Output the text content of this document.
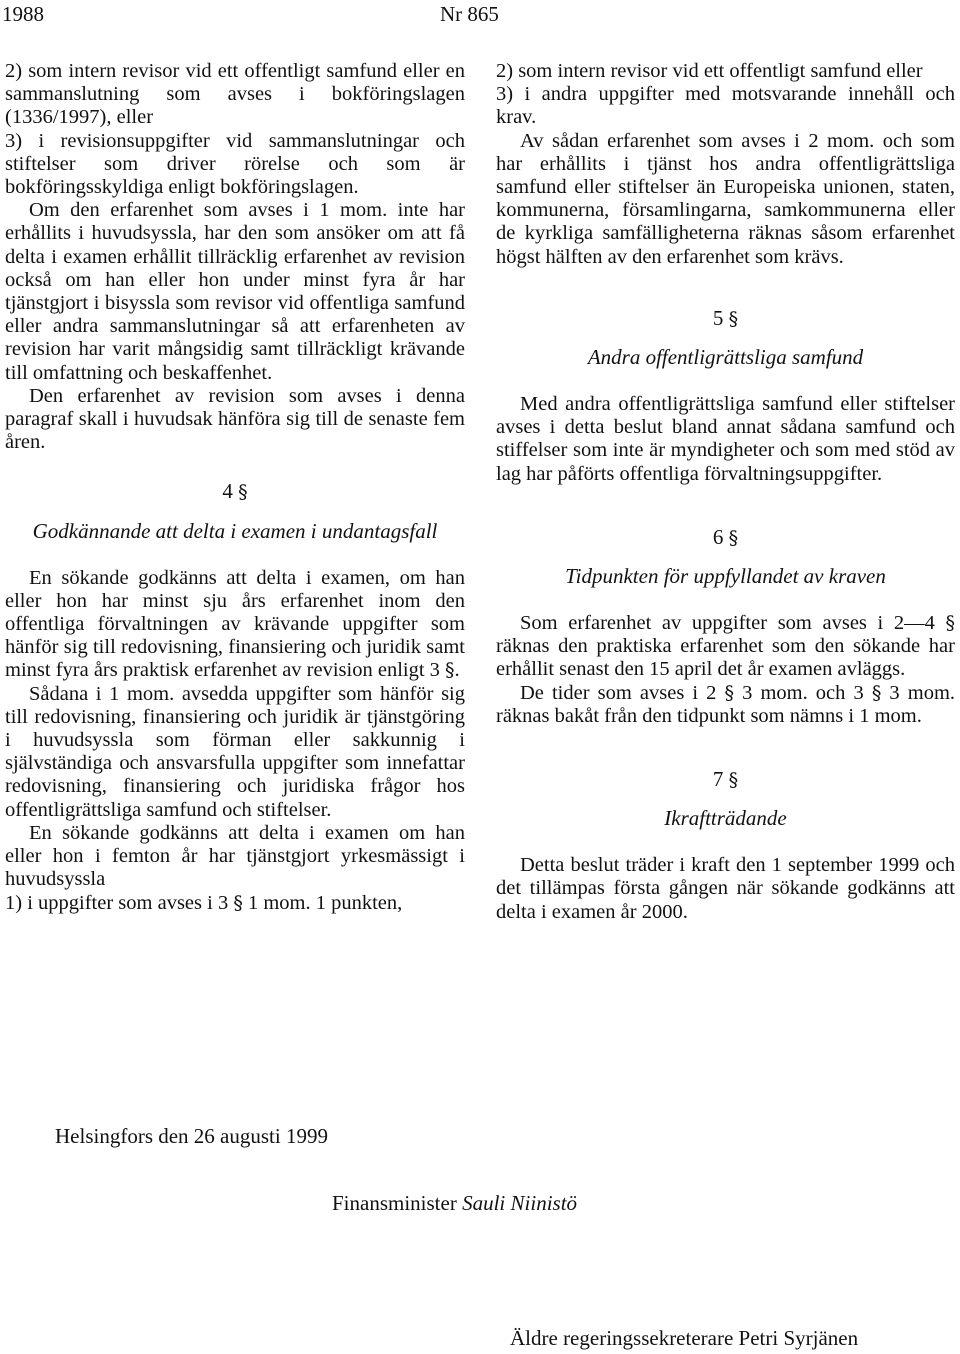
1988	Nr 865

2) som intern revisor vid ett offentligt samfund eller en sammanslutning som avses i bokföringslagen (1336/1997), eller

3) i revisionsuppgifter vid sammanslutningar och stiftelser som driver rörelse och som är bokföringsskyldiga enligt bokföringslagen.

Om den erfarenhet som avses i 1 mom. inte har erhållits i huvudsyssla, har den som ansöker om att få delta i examen erhållit tillräcklig erfarenhet av revision också om han eller hon under minst fyra år har tjänstgjort i bisyssla som revisor vid offentliga samfund eller andra sammanslutningar så att erfarenheten av revision har varit mångsidig samt tillräckligt krävande till omfattning och beskaffenhet.

Den erfarenhet av revision som avses i denna paragraf skall i huvudsak hänföra sig till de senaste fem åren.

4 §
Godkännande att delta i examen i undantagsfall

En sökande godkänns att delta i examen, om han eller hon har minst sju års erfarenhet inom den offentliga förvaltningen av krävande uppgifter som hänför sig till redovisning, finansiering och juridik samt minst fyra års praktisk erfarenhet av revision enligt 3 §.

Sådana i 1 mom. avsedda uppgifter som hänför sig till redovisning, finansiering och juridik är tjänstgöring i huvudsyssla som förman eller sakkunnig i självständiga och ansvarsfulla uppgifter som innefattar redovisning, finansiering och juridiska frågor hos offentligrättsliga samfund och stiftelser.

En sökande godkänns att delta i examen om han eller hon i femton år har tjänstgjort yrkesmässigt i huvudsyssla

1) i uppgifter som avses i 3 § 1 mom. 1 punkten,

2) som intern revisor vid ett offentligt samfund eller

3) i andra uppgifter med motsvarande innehåll och krav.

Av sådan erfarenhet som avses i 2 mom. och som har erhållits i tjänst hos andra offentligrättsliga samfund eller stiftelser än Europeiska unionen, staten, kommunerna, församlingarna, samkommunerna eller de kyrkliga samfälligheterna räknas såsom erfarenhet högst hälften av den erfarenhet som krävs.

5 §
Andra offentligrättsliga samfund

Med andra offentligrättsliga samfund eller stiftelser avses i detta beslut bland annat sådana samfund och stiffelser som inte är myndigheter och som med stöd av lag har påförts offentliga förvaltningsuppgifter.

6 §
Tidpunkten för uppfyllandet av kraven

Som erfarenhet av uppgifter som avses i 2—4 § räknas den praktiska erfarenhet som den sökande har erhållit senast den 15 april det år examen avläggs.

De tider som avses i 2 § 3 mom. och 3 § 3 mom. räknas bakåt från den tidpunkt som nämns i 1 mom.

7 §
Ikraftträdande

Detta beslut träder i kraft den 1 september 1999 och det tillämpas första gången när sökande godkänns att delta i examen år 2000.

Helsingfors den 26 augusti 1999
Finansminister Sauli Niinistö
Äldre regeringssekreterare Petri Syrjänen
